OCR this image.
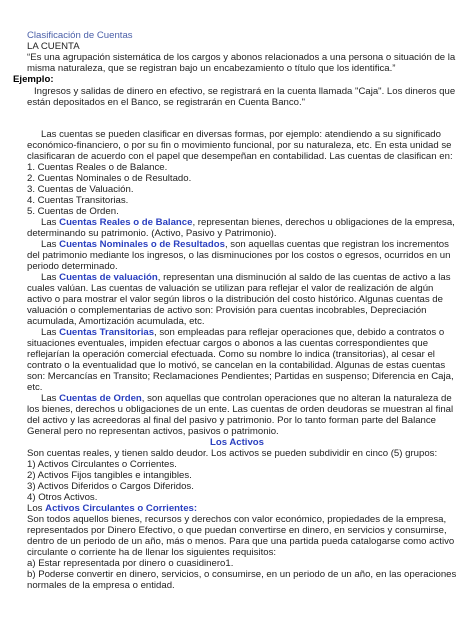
Clasificación de Cuentas
LA CUENTA
“Es una agrupación sistemática de los cargos y abonos relacionados a una persona o situación de la
misma naturaleza, que se registran bajo un encabezamiento o título que los identifica.”
Ejemplo:
Ingresos y salidas de dinero en efectivo, se registrará en la cuenta llamada "Caja". Los dineros que
están depositados en el Banco, se registrarán en Cuenta Banco."
Las cuentas se pueden clasificar en diversas formas, por ejemplo: atendiendo a su significado
económico-financiero, o por su fin o movimiento funcional, por su naturaleza, etc. En esta unidad se
clasificaran de acuerdo con el papel que desempeñan en contabilidad. Las cuentas de clasifican en:
1. Cuentas Reales o de Balance.
2. Cuentas Nominales o de Resultado.
3. Cuentas de Valuación.
4. Cuentas Transitorias.
5. Cuentas de Orden.
Las Cuentas Reales o de Balance, representan bienes, derechos u obligaciones de la empresa,
determinando su patrimonio. (Activo, Pasivo y Patrimonio).
Las Cuentas Nominales o de Resultados, son aquellas cuentas que registran los incrementos
del patrimonio mediante los ingresos, o las disminuciones por los costos o egresos, ocurridos en un
periodo determinado.
Las Cuentas de valuación, representan una disminución al saldo de las cuentas de activo a las
cuales valúan. Las cuentas de valuación se utilizan para reflejar el valor de realización de algún
activo o para mostrar el valor según libros o la distribución del costo histórico. Algunas cuentas de
valuación o complementarias de activo son: Provisión para cuentas incobrables, Depreciación
acumulada, Amortización acumulada, etc.
Las Cuentas Transitorias, son empleadas para reflejar operaciones que, debido a contratos o
situaciones eventuales, impiden efectuar cargos o abonos a las cuentas correspondientes que
reflejarían la operación comercial efectuada. Como su nombre lo indica (transitorias), al cesar el
contrato o la eventualidad que lo motivó, se cancelan en la contabilidad. Algunas de estas cuentas
son: Mercancías en Transito; Reclamaciones Pendientes; Partidas en suspenso; Diferencia en Caja,
etc.
Las Cuentas de Orden, son aquellas que controlan operaciones que no alteran la naturaleza de
los bienes, derechos u obligaciones de un ente. Las cuentas de orden deudoras se muestran al final
del activo y las acreedoras al final del pasivo y patrimonio. Por lo tanto forman parte del Balance
General pero no representan activos, pasivos o patrimonio.
Los Activos
Son cuentas reales, y tienen saldo deudor. Los activos se pueden subdividir en cinco (5) grupos:
1) Activos Circulantes o Corrientes.
2) Activos Fijos tangibles e intangibles.
3) Activos Diferidos o Cargos Diferidos.
4) Otros Activos.
Los Activos Circulantes o Corrientes:
Son todos aquellos bienes, recursos y derechos con valor económico, propiedades de la empresa,
representados por Dinero Efectivo, o que puedan convertirse en dinero, en servicios y consumirse,
dentro de un periodo de un año, más o menos. Para que una partida pueda catalogarse como activo
circulante o corriente ha de llenar los siguientes requisitos:
a) Estar representada por dinero o cuasidinero1.
b) Poderse convertir en dinero, servicios, o consumirse, en un periodo de un año, en las operaciones
normales de la empresa o entidad.
